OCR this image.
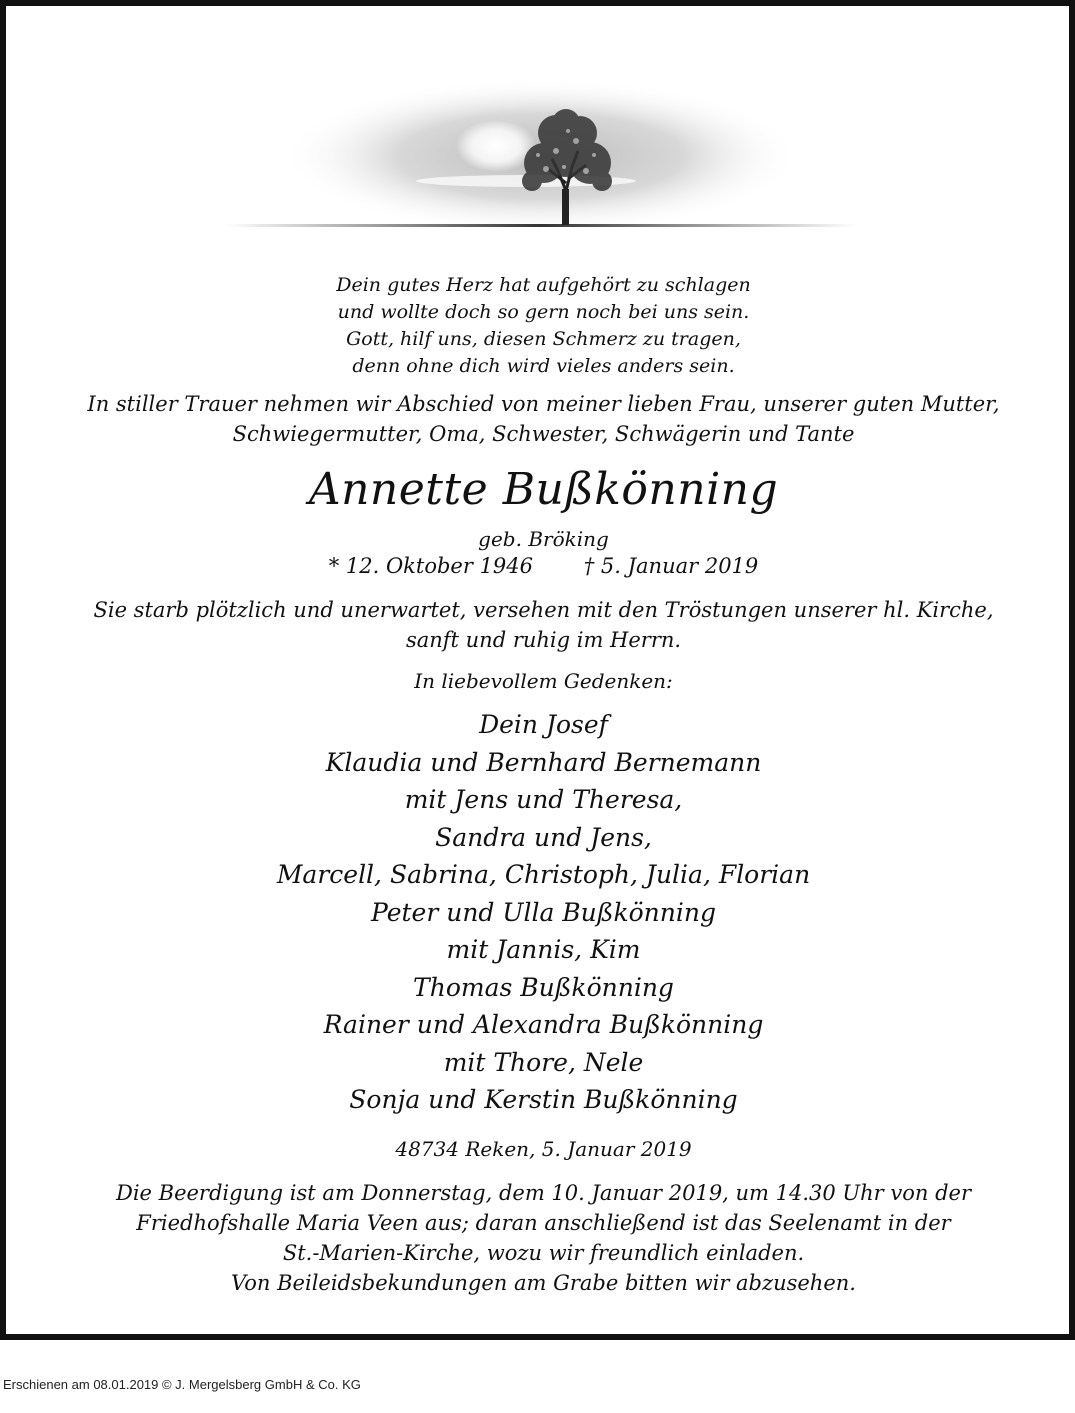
Dein gutes Herz hat aufgehört zu schlagen
und wollte doch so gern noch bei uns sein.
Gott, hilf uns, diesen Schmerz zu tragen,
denn ohne dich wird vieles anders sein.
In stiller Trauer nehmen wir Abschied von meiner lieben Frau, unserer guten Mutter,
Schwiegermutter, Oma, Schwester, Schwägerin und Tante
Annette Bußkönning
geb. Bröking
* 12. Oktober 1946 † 5. Januar 2019
Sie starb plötzlich und unerwartet, versehen mit den Tröstungen unserer hl. Kirche,
sanft und ruhig im Herrn.
In liebevollem Gedenken:
Dein Josef
Klaudia und Bernhard Bernemann
mit Jens und Theresa,
Sandra und Jens,
Marcell, Sabrina, Christoph, Julia, Florian
Peter und Ulla Bußkönning
mit Jannis, Kim
Thomas Bußkönning
Rainer und Alexandra Bußkönning
mit Thore, Nele
Sonja und Kerstin Bußkönning
48734 Reken, 5. Januar 2019
Die Beerdigung ist am Donnerstag, dem 10. Januar 2019, um 14.30 Uhr von der
Friedhofshalle Maria Veen aus; daran anschließend ist das Seelenamt in der
St.-Marien-Kirche, wozu wir freundlich einladen.
Von Beileidsbekundungen am Grabe bitten wir abzusehen.
Erschienen am 08.01.2019 © J. Mergelsberg GmbH & Co. KG
